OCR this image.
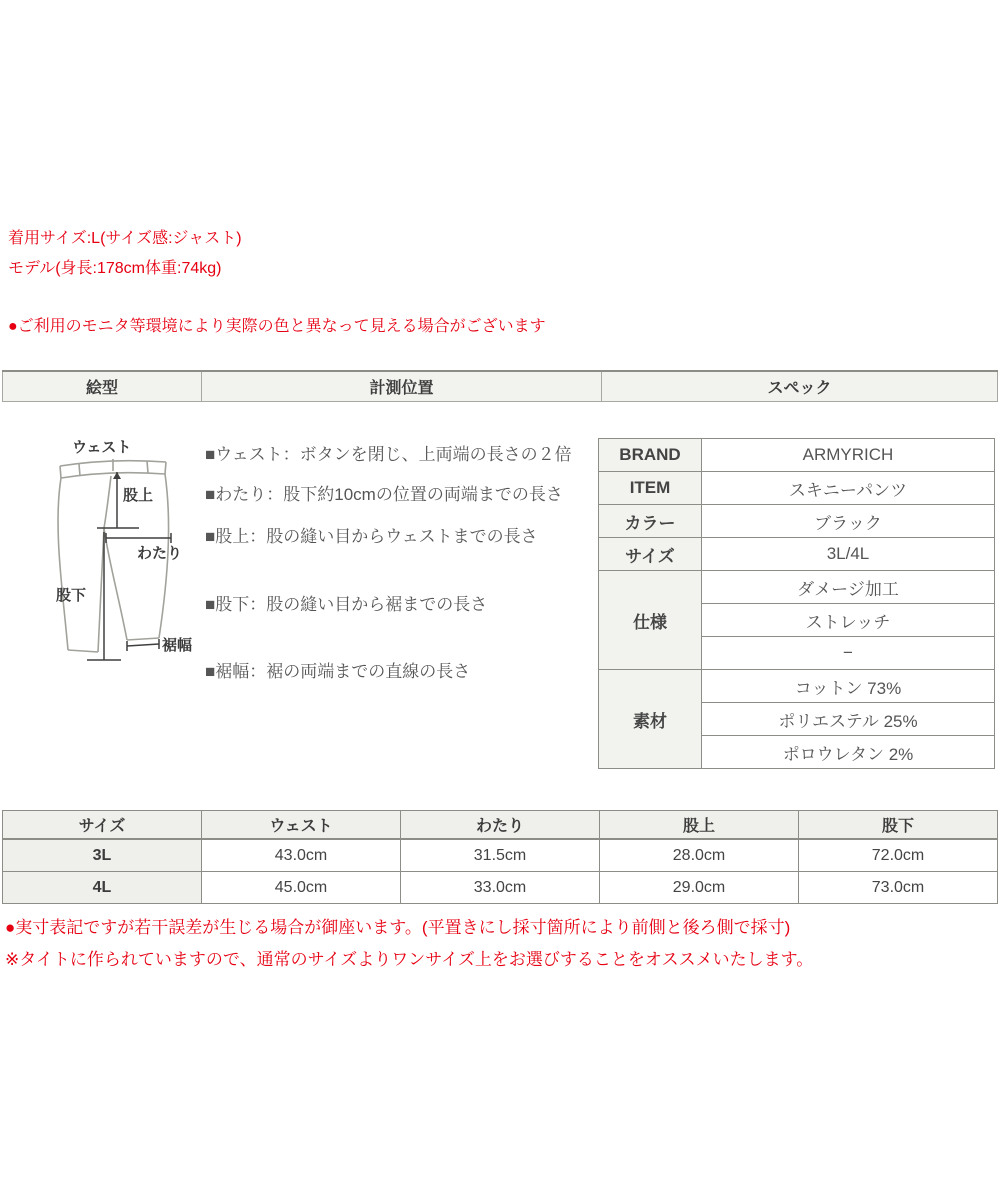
着用サイズ:L(サイズ感:ジャスト)

モデル(身長:178cm体重:74kg)

●ご利用のモニタ等環境により実際の色と異なって見える場合がございます

絵型	計測位置	スペック
ウェスト
股上
わたり
股下
裾幅

■ウェスト：ボタンを閉じ、上両端の長さの２倍

■わたり：股下約10cmの位置の両端までの長さ

■股上：股の縫い目からウェストまでの長さ

■股下：股の縫い目から裾までの長さ

■裾幅：裾の両端までの直線の長さ

BRAND	ARMYRICH
ITEM	スキニーパンツ
カラー	ブラック
サイズ	3L/4L
仕様	ダメージ加工
	ストレッチ
	−
素材	コットン 73%
	ポリエステル 25%
	ポロウレタン 2%
サイズ	ウェスト	わたり	股上	股下
3L	43.0cm	31.5cm	28.0cm	72.0cm
4L	45.0cm	33.0cm	29.0cm	73.0cm

●実寸表記ですが若干誤差が生じる場合が御座います。(平置きにし採寸箇所により前側と後ろ側で採寸)

※タイトに作られていますので、通常のサイズよりワンサイズ上をお選びすることをオススメいたします。
